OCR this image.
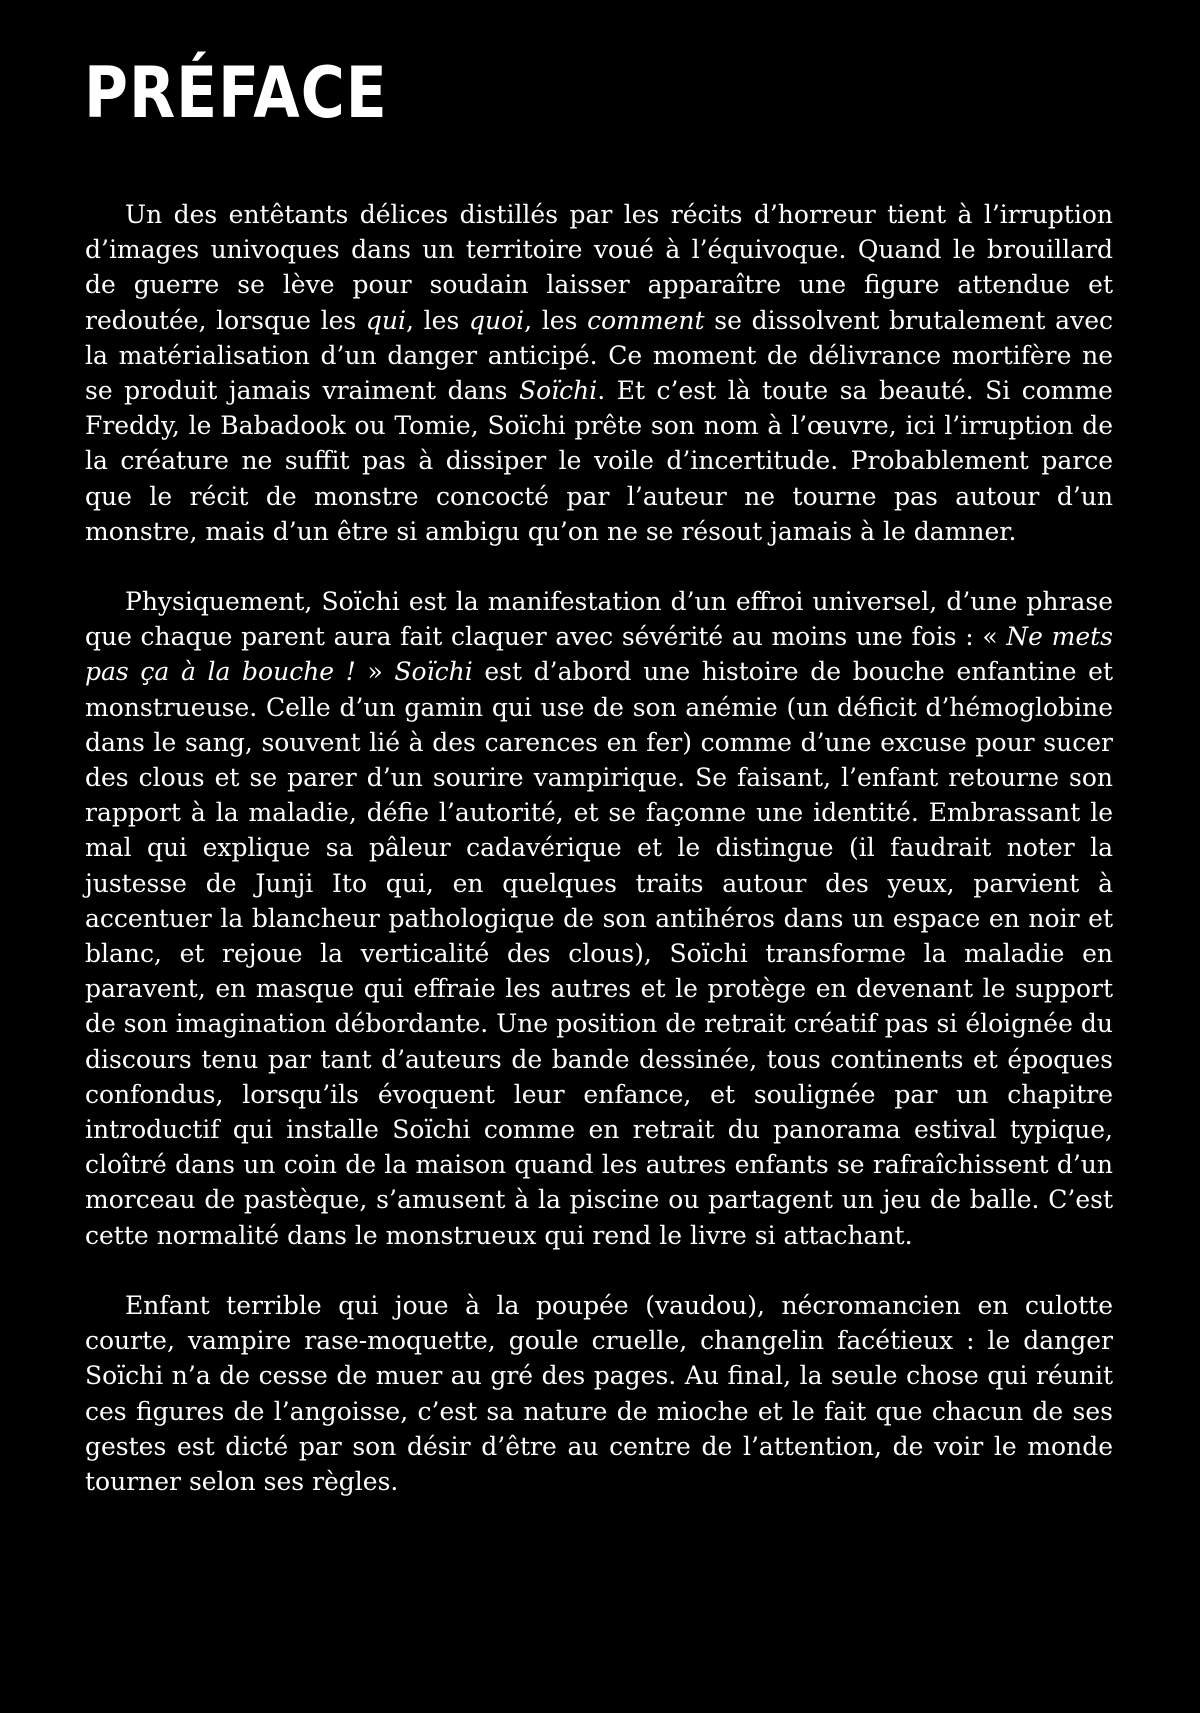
PRÉFACE

Un des entêtants délices distillés par les récits d’horreur tient à l’irruption d’images univoques dans un territoire voué à l’équivoque. Quand le brouillard de guerre se lève pour soudain laisser apparaître une figure attendue et redoutée, lorsque les qui, les quoi, les comment se dissolvent brutalement avec la matérialisation d’un danger anticipé. Ce moment de délivrance mortifère ne se produit jamais vraiment dans Soïchi. Et c’est là toute sa beauté. Si comme Freddy, le Babadook ou Tomie, Soïchi prête son nom à l’œuvre, ici l’irruption de la créature ne suffit pas à dissiper le voile d’incertitude. Probablement parce que le récit de monstre concocté par l’auteur ne tourne pas autour d’un monstre, mais d’un être si ambigu qu’on ne se résout jamais à le damner.

Physiquement, Soïchi est la manifestation d’un effroi universel, d’une phrase que chaque parent aura fait claquer avec sévérité au moins une fois : « Ne mets pas ça à la bouche ! » Soïchi est d’abord une histoire de bouche enfantine et monstrueuse. Celle d’un gamin qui use de son anémie (un déficit d’hémoglobine dans le sang, souvent lié à des carences en fer) comme d’une excuse pour sucer des clous et se parer d’un sourire vampirique. Se faisant, l’enfant retourne son rapport à la maladie, défie l’autorité, et se façonne une identité. Embrassant le mal qui explique sa pâleur cadavérique et le distingue (il faudrait noter la justesse de Junji Ito qui, en quelques traits autour des yeux, parvient à accentuer la blancheur pathologique de son antihéros dans un espace en noir et blanc, et rejoue la verticalité des clous), Soïchi transforme la maladie en paravent, en masque qui effraie les autres et le protège en devenant le support de son imagination débordante. Une position de retrait créatif pas si éloignée du discours tenu par tant d’auteurs de bande dessinée, tous continents et époques confondus, lorsqu’ils évoquent leur enfance, et soulignée par un chapitre introductif qui installe Soïchi comme en retrait du panorama estival typique, cloîtré dans un coin de la maison quand les autres enfants se rafraîchissent d’un morceau de pastèque, s’amusent à la piscine ou partagent un jeu de balle. C’est cette normalité dans le monstrueux qui rend le livre si attachant.

Enfant terrible qui joue à la poupée (vaudou), nécromancien en culotte courte, vampire rase-moquette, goule cruelle, changelin facétieux : le danger Soïchi n’a de cesse de muer au gré des pages. Au final, la seule chose qui réunit ces figures de l’angoisse, c’est sa nature de mioche et le fait que chacun de ses gestes est dicté par son désir d’être au centre de l’attention, de voir le monde tourner selon ses règles.
